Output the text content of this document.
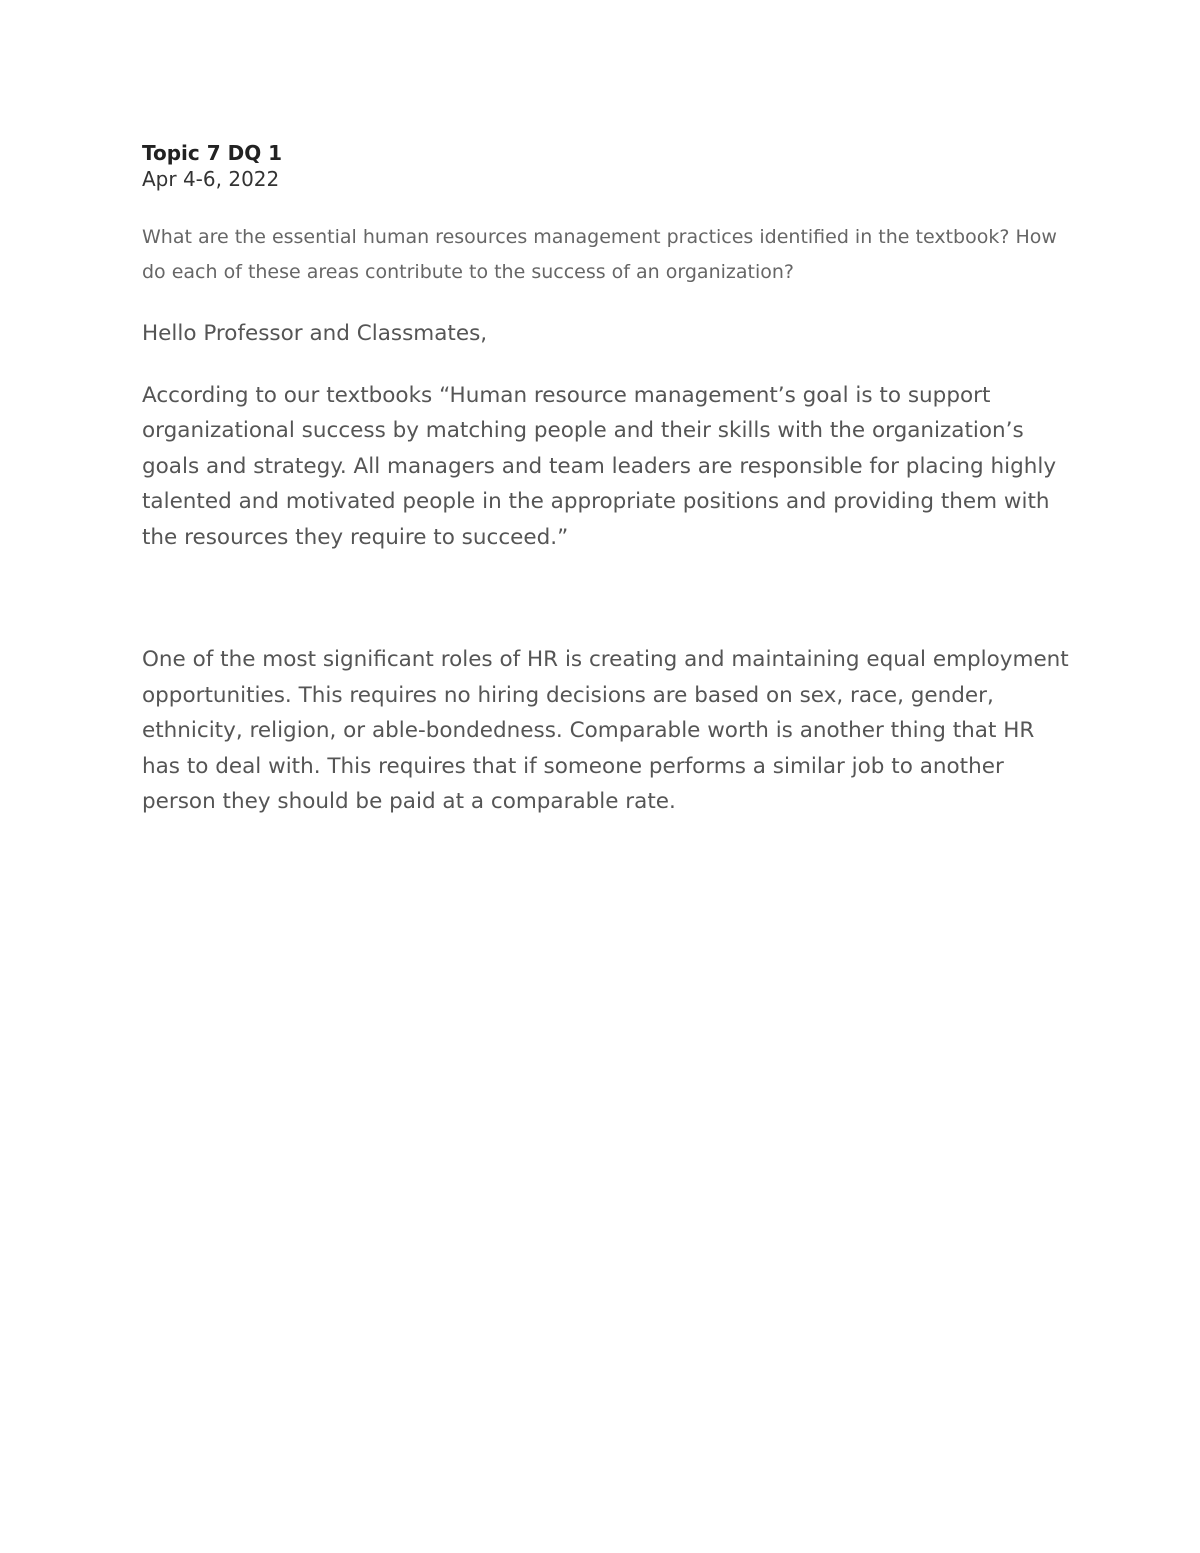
Topic 7 DQ 1

Apr 4-6, 2022

What are the essential human resources management practices identified in the textbook? How do each of these areas contribute to the success of an organization?

Hello Professor and Classmates,

According to our textbooks “Human resource management’s goal is to support organizational success by matching people and their skills with the organization’s goals and strategy. All managers and team leaders are responsible for placing highly talented and motivated people in the appropriate positions and providing them with the resources they require to succeed.”

One of the most significant roles of HR is creating and maintaining equal employment opportunities. This requires no hiring decisions are based on sex, race, gender, ethnicity, religion, or able-bondedness. Comparable worth is another thing that HR has to deal with. This requires that if someone performs a similar job to another person they should be paid at a comparable rate.
